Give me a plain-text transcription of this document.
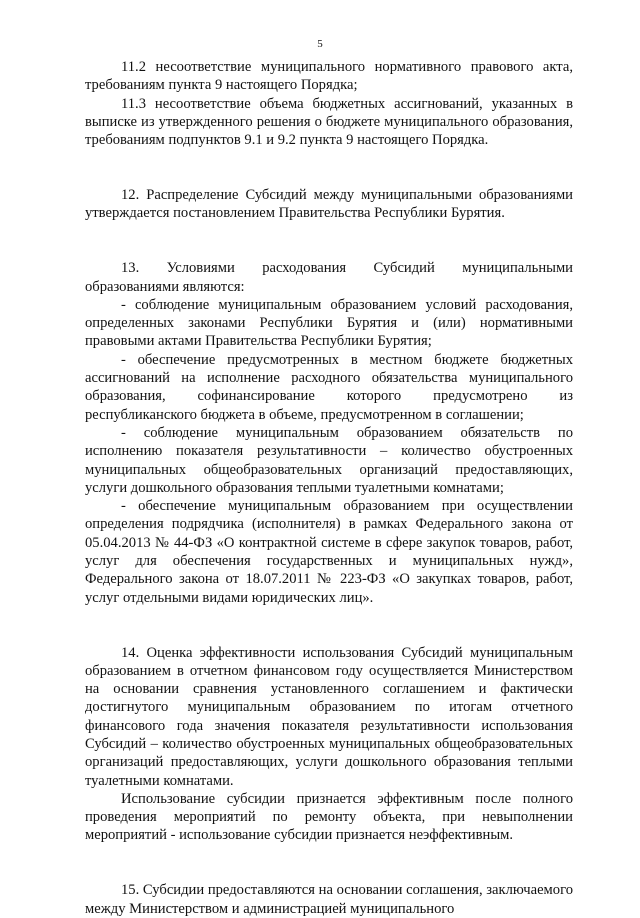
5

11.2 несоответствие муниципального нормативного правового акта, требованиям пункта 9 настоящего Порядка;

11.3 несоответствие объема бюджетных ассигнований, указанных в выписке из утвержденного решения о бюджете муниципального образования, требованиям подпунктов 9.1 и 9.2 пункта 9 настоящего Порядка.

12. Распределение Субсидий между муниципальными образованиями утверждается постановлением Правительства Республики Бурятия.

13. Условиями расходования Субсидий муниципальными образованиями являются:

- соблюдение муниципальным образованием условий расходования, определенных законами Республики Бурятия и (или) нормативными правовыми актами Правительства Республики Бурятия;

- обеспечение предусмотренных в местном бюджете бюджетных ассигнований на исполнение расходного обязательства муниципального образования, софинансирование которого предусмотрено из республиканского бюджета в объеме, предусмотренном в соглашении;

- соблюдение муниципальным образованием обязательств по исполнению показателя результативности – количество обустроенных муниципальных общеобразовательных организаций предоставляющих, услуги дошкольного образования теплыми туалетными комнатами;

- обеспечение муниципальным образованием при осуществлении определения подрядчика (исполнителя) в рамках Федерального закона от 05.04.2013 № 44-ФЗ «О контрактной системе в сфере закупок товаров, работ, услуг для обеспечения государственных и муниципальных нужд», Федерального закона от 18.07.2011 № 223-ФЗ «О закупках товаров, работ, услуг отдельными видами юридических лиц».

14. Оценка эффективности использования Субсидий муниципальным образованием в отчетном финансовом году осуществляется Министерством на основании сравнения установленного соглашением и фактически достигнутого муниципальным образованием по итогам отчетного финансового года значения показателя результативности использования Субсидий – количество обустроенных муниципальных общеобразовательных организаций предоставляющих, услуги дошкольного образования теплыми туалетными комнатами.

Использование субсидии признается эффективным после полного проведения мероприятий по ремонту объекта, при невыполнении мероприятий - использование субсидии признается неэффективным.

15. Субсидии предоставляются на основании соглашения, заключаемого между Министерством и администрацией муниципального
